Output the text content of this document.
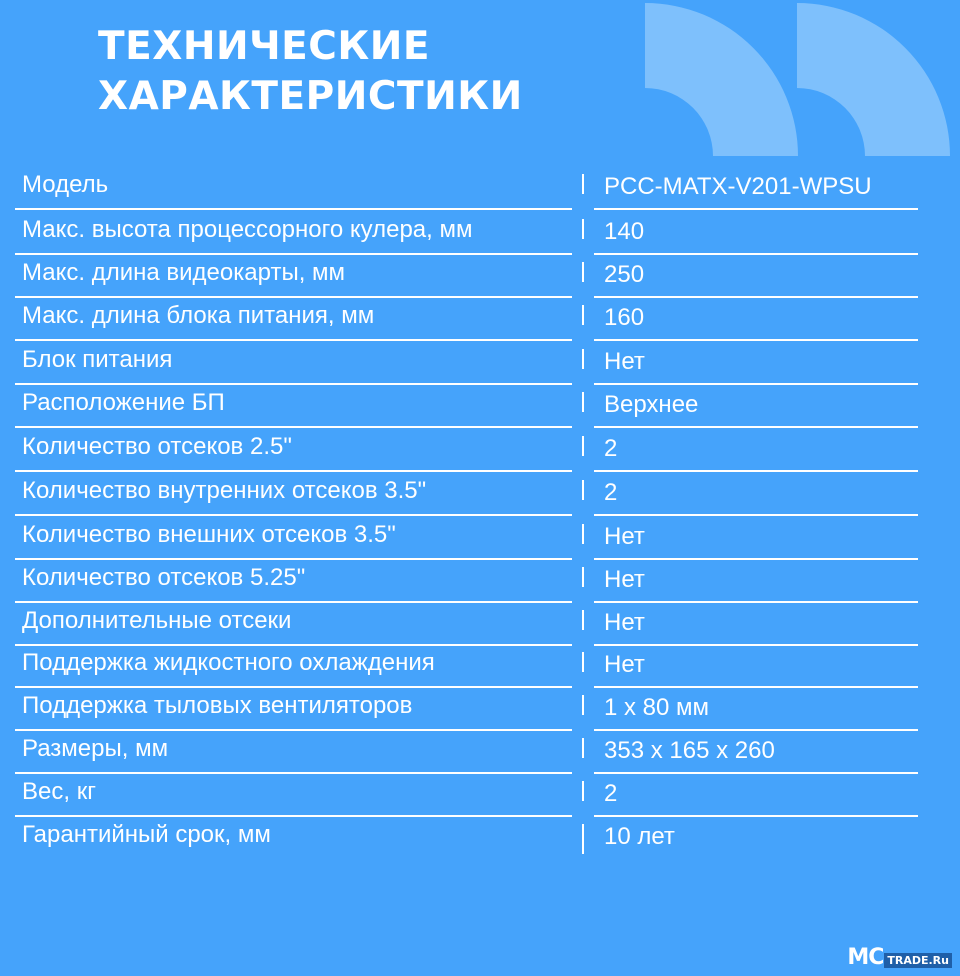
ТЕХНИЧЕСКИЕ
ХАРАКТЕРИСТИКИ
Модель	PCC-MATX-V201-WPSU
Макс. высота процессорного кулера, мм	140
Макс. длина видеокарты, мм	250
Макс. длина блока питания, мм	160
Блок питания	Нет
Расположение БП	Верхнее
Количество отсеков 2.5"	2
Количество внутренних отсеков 3.5"	2
Количество внешних отсеков 3.5"	Нет
Количество отсеков 5.25"	Нет
Дополнительные отсеки	Нет
Поддержка жидкостного охлаждения	Нет
Поддержка тыловых вентиляторов	1 x 80 мм
Размеры, мм	353 x 165 x 260
Вес, кг	2
Гарантийный срок, мм	10 лет
MC TRADE.Ru
